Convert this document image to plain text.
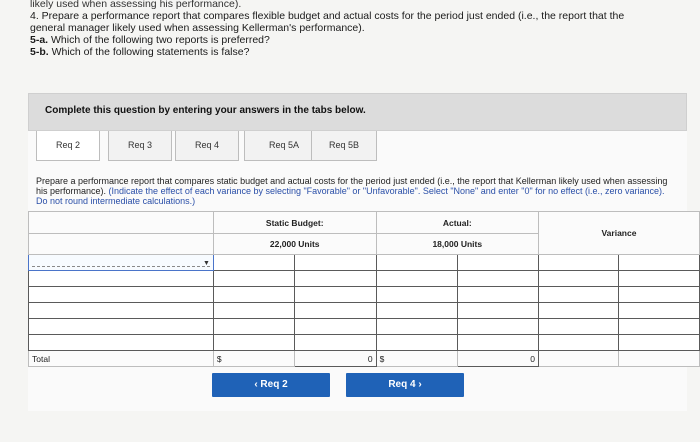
likely used when assessing his performance).
4. Prepare a performance report that compares flexible budget and actual costs for the period just ended (i.e., the report that the
general manager likely used when assessing Kellerman's performance).
5-a. Which of the following two reports is preferred?
5-b. Which of the following statements is false?
Complete this question by entering your answers in the tabs below.
Req 2	Req 3	Req 4	Req 5A	Req 5B
Prepare a performance report that compares static budget and actual costs for the period just ended (i.e., the report that Kellerman likely used when assessing his performance). (Indicate the effect of each variance by selecting "Favorable" or "Unfavorable". Select "None" and enter "0" for no effect (i.e., zero variance). Do not round intermediate calculations.)
	Static Budget:		Actual:		Variance	
	22,000 Units		18,000 Units			

▼						

Total	$	0	$	0		

‹ Req 2	Req 4 ›
